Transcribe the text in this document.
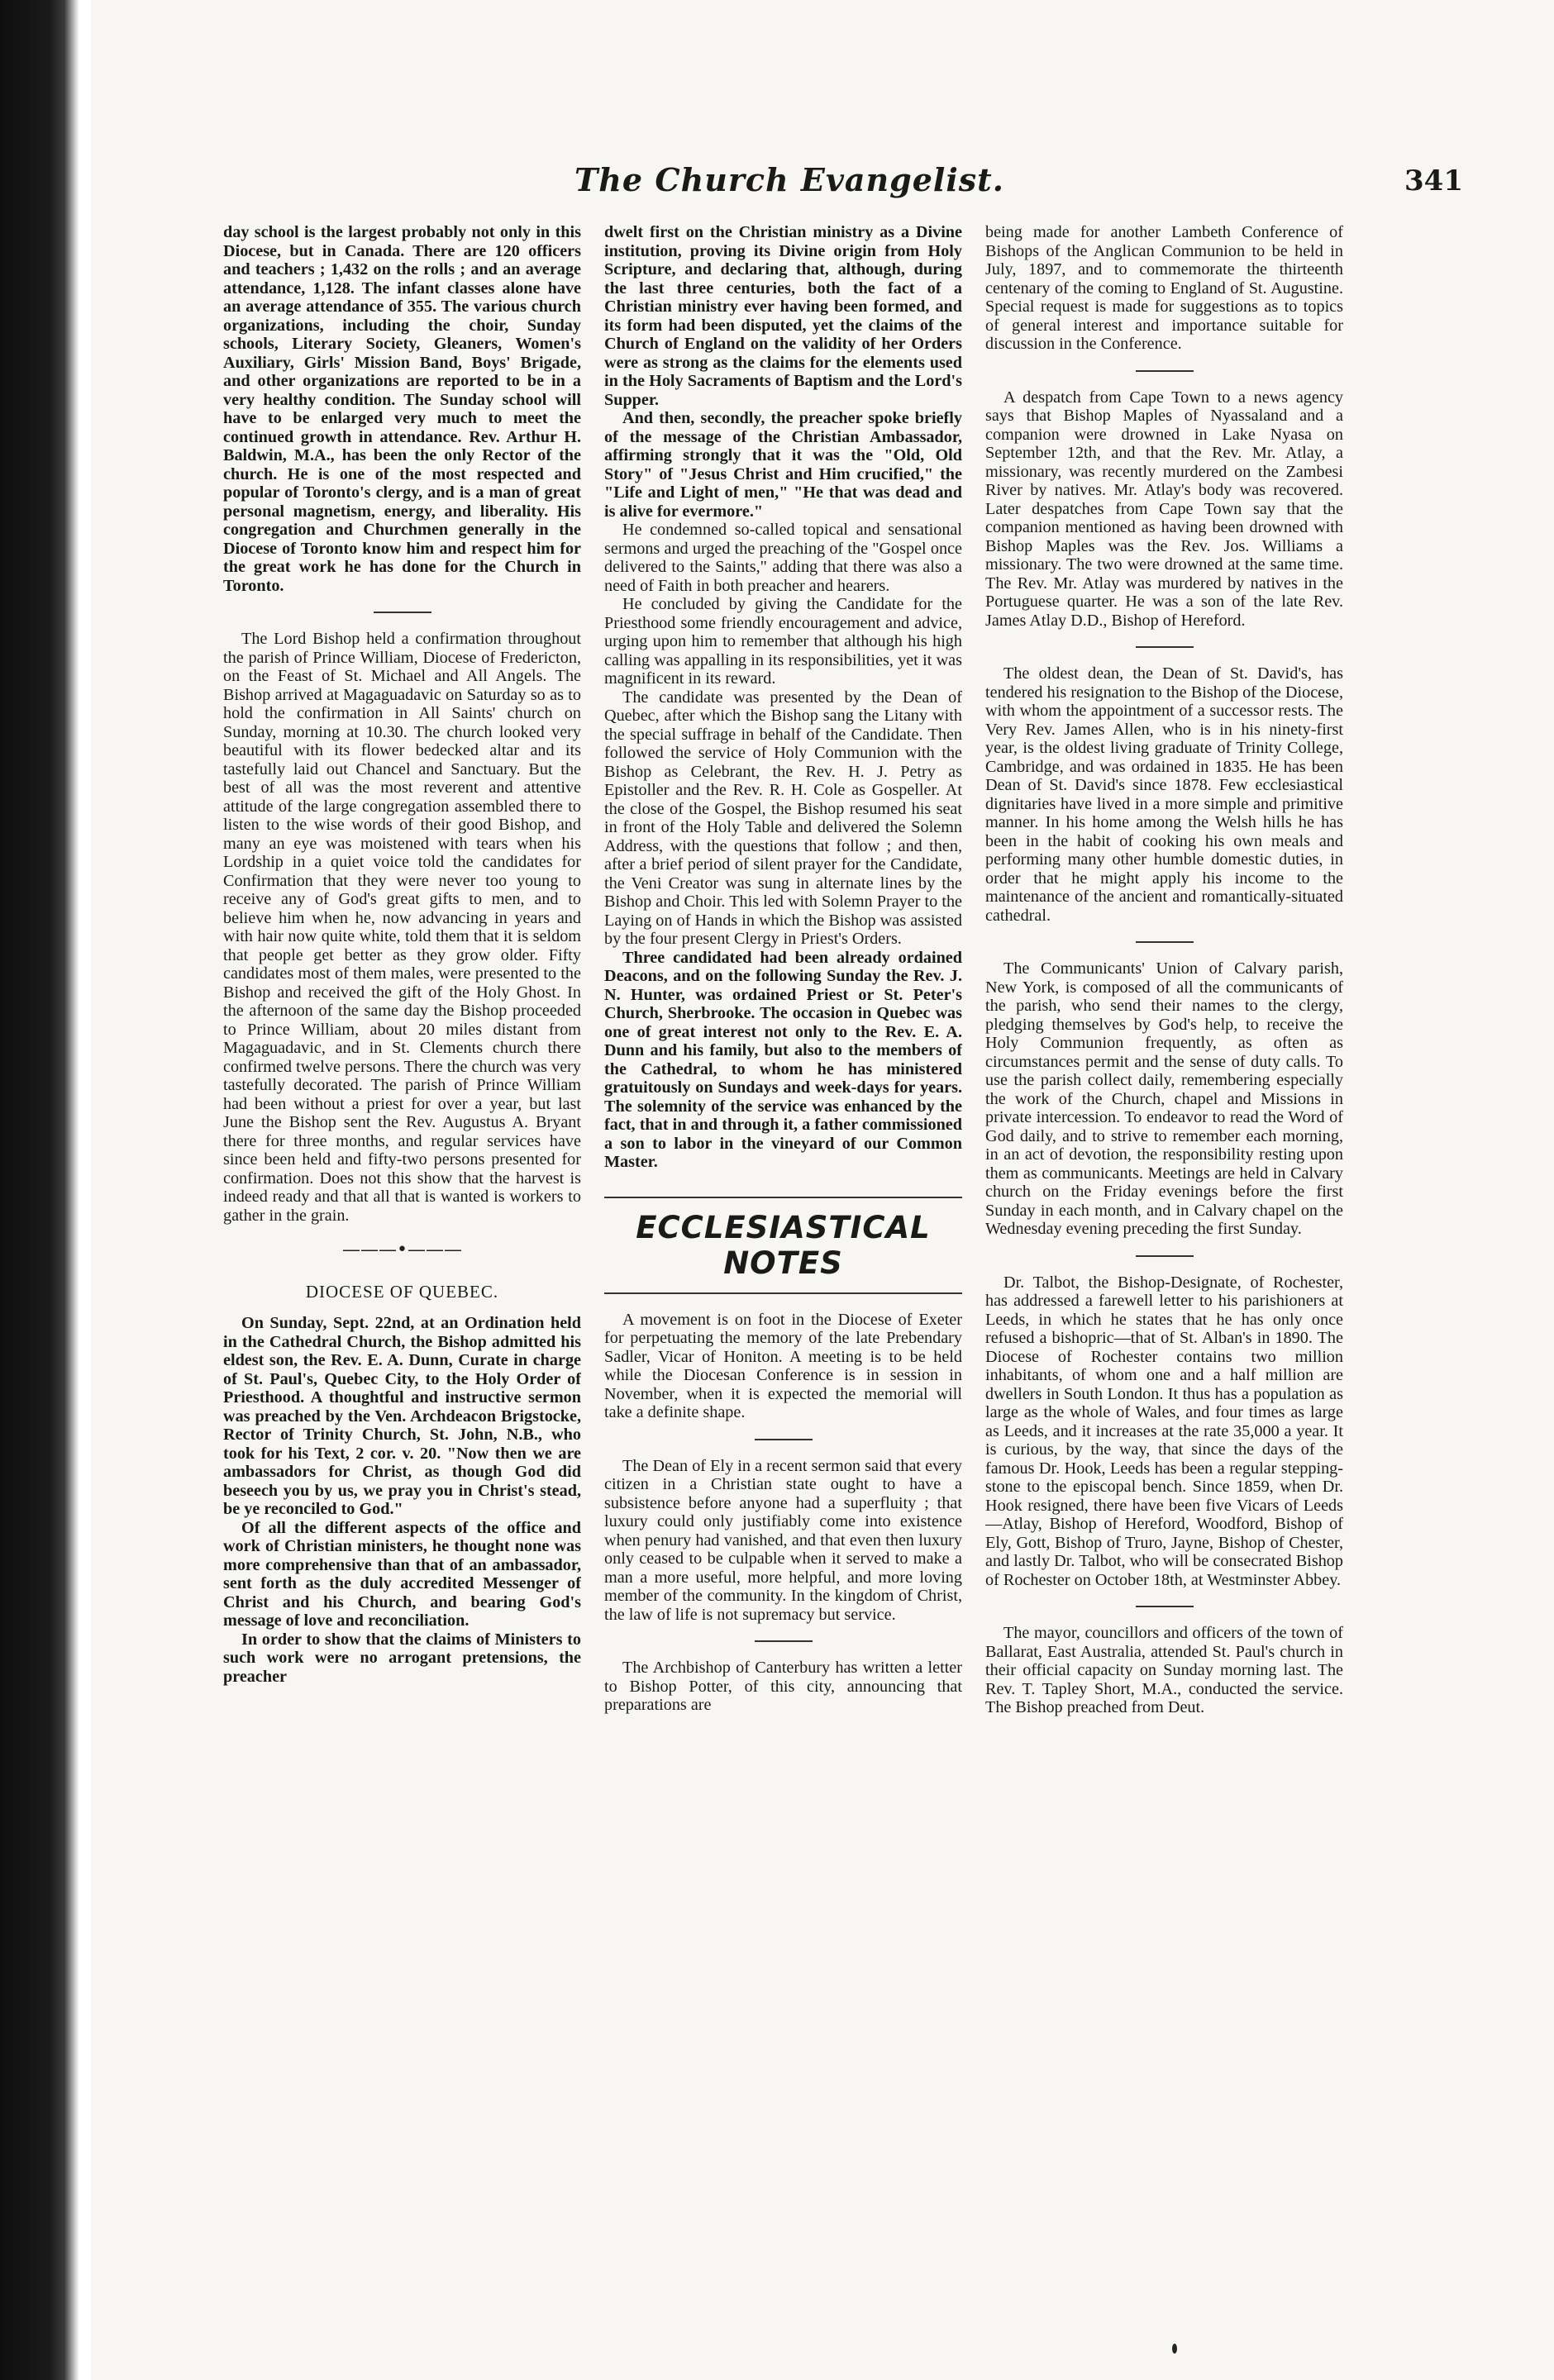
The Church Evangelist.	341

day school is the largest probably not only in this Diocese, but in Canada. There are 120 officers and teachers ; 1,432 on the rolls ; and an average attendance, 1,128. The infant classes alone have an average attendance of 355. The various church organizations, including the choir, Sunday schools, Literary Society, Gleaners, Women's Auxiliary, Girls' Mission Band, Boys' Brigade, and other organizations are reported to be in a very healthy condition. The Sunday school will have to be enlarged very much to meet the continued growth in attendance. Rev. Arthur H. Baldwin, M.A., has been the only Rector of the church. He is one of the most respected and popular of Toronto's clergy, and is a man of great personal magnetism, energy, and liberality. His congregation and Churchmen generally in the Diocese of Toronto know him and respect him for the great work he has done for the Church in Toronto.

The Lord Bishop held a confirmation throughout the parish of Prince William, Diocese of Fredericton, on the Feast of St. Michael and All Angels. The Bishop arrived at Magaguadavic on Saturday so as to hold the confirmation in All Saints' church on Sunday, morning at 10.30. The church looked very beautiful with its flower bedecked altar and its tastefully laid out Chancel and Sanctuary. But the best of all was the most reverent and attentive attitude of the large congregation assembled there to listen to the wise words of their good Bishop, and many an eye was moistened with tears when his Lordship in a quiet voice told the candidates for Confirmation that they were never too young to receive any of God's great gifts to men, and to believe him when he, now advancing in years and with hair now quite white, told them that it is seldom that people get better as they grow older. Fifty candidates most of them males, were presented to the Bishop and received the gift of the Holy Ghost. In the afternoon of the same day the Bishop proceeded to Prince William, about 20 miles distant from Magaguadavic, and in St. Clements church there confirmed twelve persons. There the church was very tastefully decorated. The parish of Prince William had been without a priest for over a year, but last June the Bishop sent the Rev. Augustus A. Bryant there for three months, and regular services have since been held and fifty-two persons presented for confirmation. Does not this show that the harvest is indeed ready and that all that is wanted is workers to gather in the grain.

———•———
DIOCESE OF QUEBEC.

On Sunday, Sept. 22nd, at an Ordination held in the Cathedral Church, the Bishop admitted his eldest son, the Rev. E. A. Dunn, Curate in charge of St. Paul's, Quebec City, to the Holy Order of Priesthood. A thoughtful and instructive sermon was preached by the Ven. Archdeacon Brigstocke, Rector of Trinity Church, St. John, N.B., who took for his Text, 2 cor. v. 20. "Now then we are ambassadors for Christ, as though God did beseech you by us, we pray you in Christ's stead, be ye reconciled to God."

Of all the different aspects of the office and work of Christian ministers, he thought none was more comprehensive than that of an ambassador, sent forth as the duly accredited Messenger of Christ and his Church, and bearing God's message of love and reconciliation.

In order to show that the claims of Ministers to such work were no arrogant pretensions, the preacher

dwelt first on the Christian ministry as a Divine institution, proving its Divine origin from Holy Scripture, and declaring that, although, during the last three centuries, both the fact of a Christian ministry ever having been formed, and its form had been disputed, yet the claims of the Church of England on the validity of her Orders were as strong as the claims for the elements used in the Holy Sacraments of Baptism and the Lord's Supper.

And then, secondly, the preacher spoke briefly of the message of the Christian Ambassador, affirming strongly that it was the "Old, Old Story" of "Jesus Christ and Him crucified," the "Life and Light of men," "He that was dead and is alive for evermore."

He condemned so-called topical and sensational sermons and urged the preaching of the "Gospel once delivered to the Saints," adding that there was also a need of Faith in both preacher and hearers.

He concluded by giving the Candidate for the Priesthood some friendly encouragement and advice, urging upon him to remember that although his high calling was appalling in its responsibilities, yet it was magnificent in its reward.

The candidate was presented by the Dean of Quebec, after which the Bishop sang the Litany with the special suffrage in behalf of the Candidate. Then followed the service of Holy Communion with the Bishop as Celebrant, the Rev. H. J. Petry as Epistoller and the Rev. R. H. Cole as Gospeller. At the close of the Gospel, the Bishop resumed his seat in front of the Holy Table and delivered the Solemn Address, with the questions that follow ; and then, after a brief period of silent prayer for the Candidate, the Veni Creator was sung in alternate lines by the Bishop and Choir. This led with Solemn Prayer to the Laying on of Hands in which the Bishop was assisted by the four present Clergy in Priest's Orders.

Three candidated had been already ordained Deacons, and on the following Sunday the Rev. J. N. Hunter, was ordained Priest or St. Peter's Church, Sherbrooke. The occasion in Quebec was one of great interest not only to the Rev. E. A. Dunn and his family, but also to the members of the Cathedral, to whom he has ministered gratuitously on Sundays and week-days for years. The solemnity of the service was enhanced by the fact, that in and through it, a father commissioned a son to labor in the vineyard of our Common Master.

ECCLESIASTICAL NOTES

A movement is on foot in the Diocese of Exeter for perpetuating the memory of the late Prebendary Sadler, Vicar of Honiton. A meeting is to be held while the Diocesan Conference is in session in November, when it is expected the memorial will take a definite shape.

The Dean of Ely in a recent sermon said that every citizen in a Christian state ought to have a subsistence before anyone had a superfluity ; that luxury could only justifiably come into existence when penury had vanished, and that even then luxury only ceased to be culpable when it served to make a man a more useful, more helpful, and more loving member of the community. In the kingdom of Christ, the law of life is not supremacy but service.

The Archbishop of Canterbury has written a letter to Bishop Potter, of this city, announcing that preparations are

being made for another Lambeth Conference of Bishops of the Anglican Communion to be held in July, 1897, and to commemorate the thirteenth centenary of the coming to England of St. Augustine. Special request is made for suggestions as to topics of general interest and importance suitable for discussion in the Conference.

A despatch from Cape Town to a news agency says that Bishop Maples of Nyassaland and a companion were drowned in Lake Nyasa on September 12th, and that the Rev. Mr. Atlay, a missionary, was recently murdered on the Zambesi River by natives. Mr. Atlay's body was recovered. Later despatches from Cape Town say that the companion mentioned as having been drowned with Bishop Maples was the Rev. Jos. Williams a missionary. The two were drowned at the same time. The Rev. Mr. Atlay was murdered by natives in the Portuguese quarter. He was a son of the late Rev. James Atlay D.D., Bishop of Hereford.

The oldest dean, the Dean of St. David's, has tendered his resignation to the Bishop of the Diocese, with whom the appointment of a successor rests. The Very Rev. James Allen, who is in his ninety-first year, is the oldest living graduate of Trinity College, Cambridge, and was ordained in 1835. He has been Dean of St. David's since 1878. Few ecclesiastical dignitaries have lived in a more simple and primitive manner. In his home among the Welsh hills he has been in the habit of cooking his own meals and performing many other humble domestic duties, in order that he might apply his income to the maintenance of the ancient and romantically-situated cathedral.

The Communicants' Union of Calvary parish, New York, is composed of all the communicants of the parish, who send their names to the clergy, pledging themselves by God's help, to receive the Holy Communion frequently, as often as circumstances permit and the sense of duty calls. To use the parish collect daily, remembering especially the work of the Church, chapel and Missions in private intercession. To endeavor to read the Word of God daily, and to strive to remember each morning, in an act of devotion, the responsibility resting upon them as communicants. Meetings are held in Calvary church on the Friday evenings before the first Sunday in each month, and in Calvary chapel on the Wednesday evening preceding the first Sunday.

Dr. Talbot, the Bishop-Designate, of Rochester, has addressed a farewell letter to his parishioners at Leeds, in which he states that he has only once refused a bishopric—that of St. Alban's in 1890. The Diocese of Rochester contains two million inhabitants, of whom one and a half million are dwellers in South London. It thus has a population as large as the whole of Wales, and four times as large as Leeds, and it increases at the rate 35,000 a year. It is curious, by the way, that since the days of the famous Dr. Hook, Leeds has been a regular stepping-stone to the episcopal bench. Since 1859, when Dr. Hook resigned, there have been five Vicars of Leeds—Atlay, Bishop of Hereford, Woodford, Bishop of Ely, Gott, Bishop of Truro, Jayne, Bishop of Chester, and lastly Dr. Talbot, who will be consecrated Bishop of Rochester on October 18th, at Westminster Abbey.

The mayor, councillors and officers of the town of Ballarat, East Australia, attended St. Paul's church in their official capacity on Sunday morning last. The Rev. T. Tapley Short, M.A., conducted the service. The Bishop preached from Deut.
